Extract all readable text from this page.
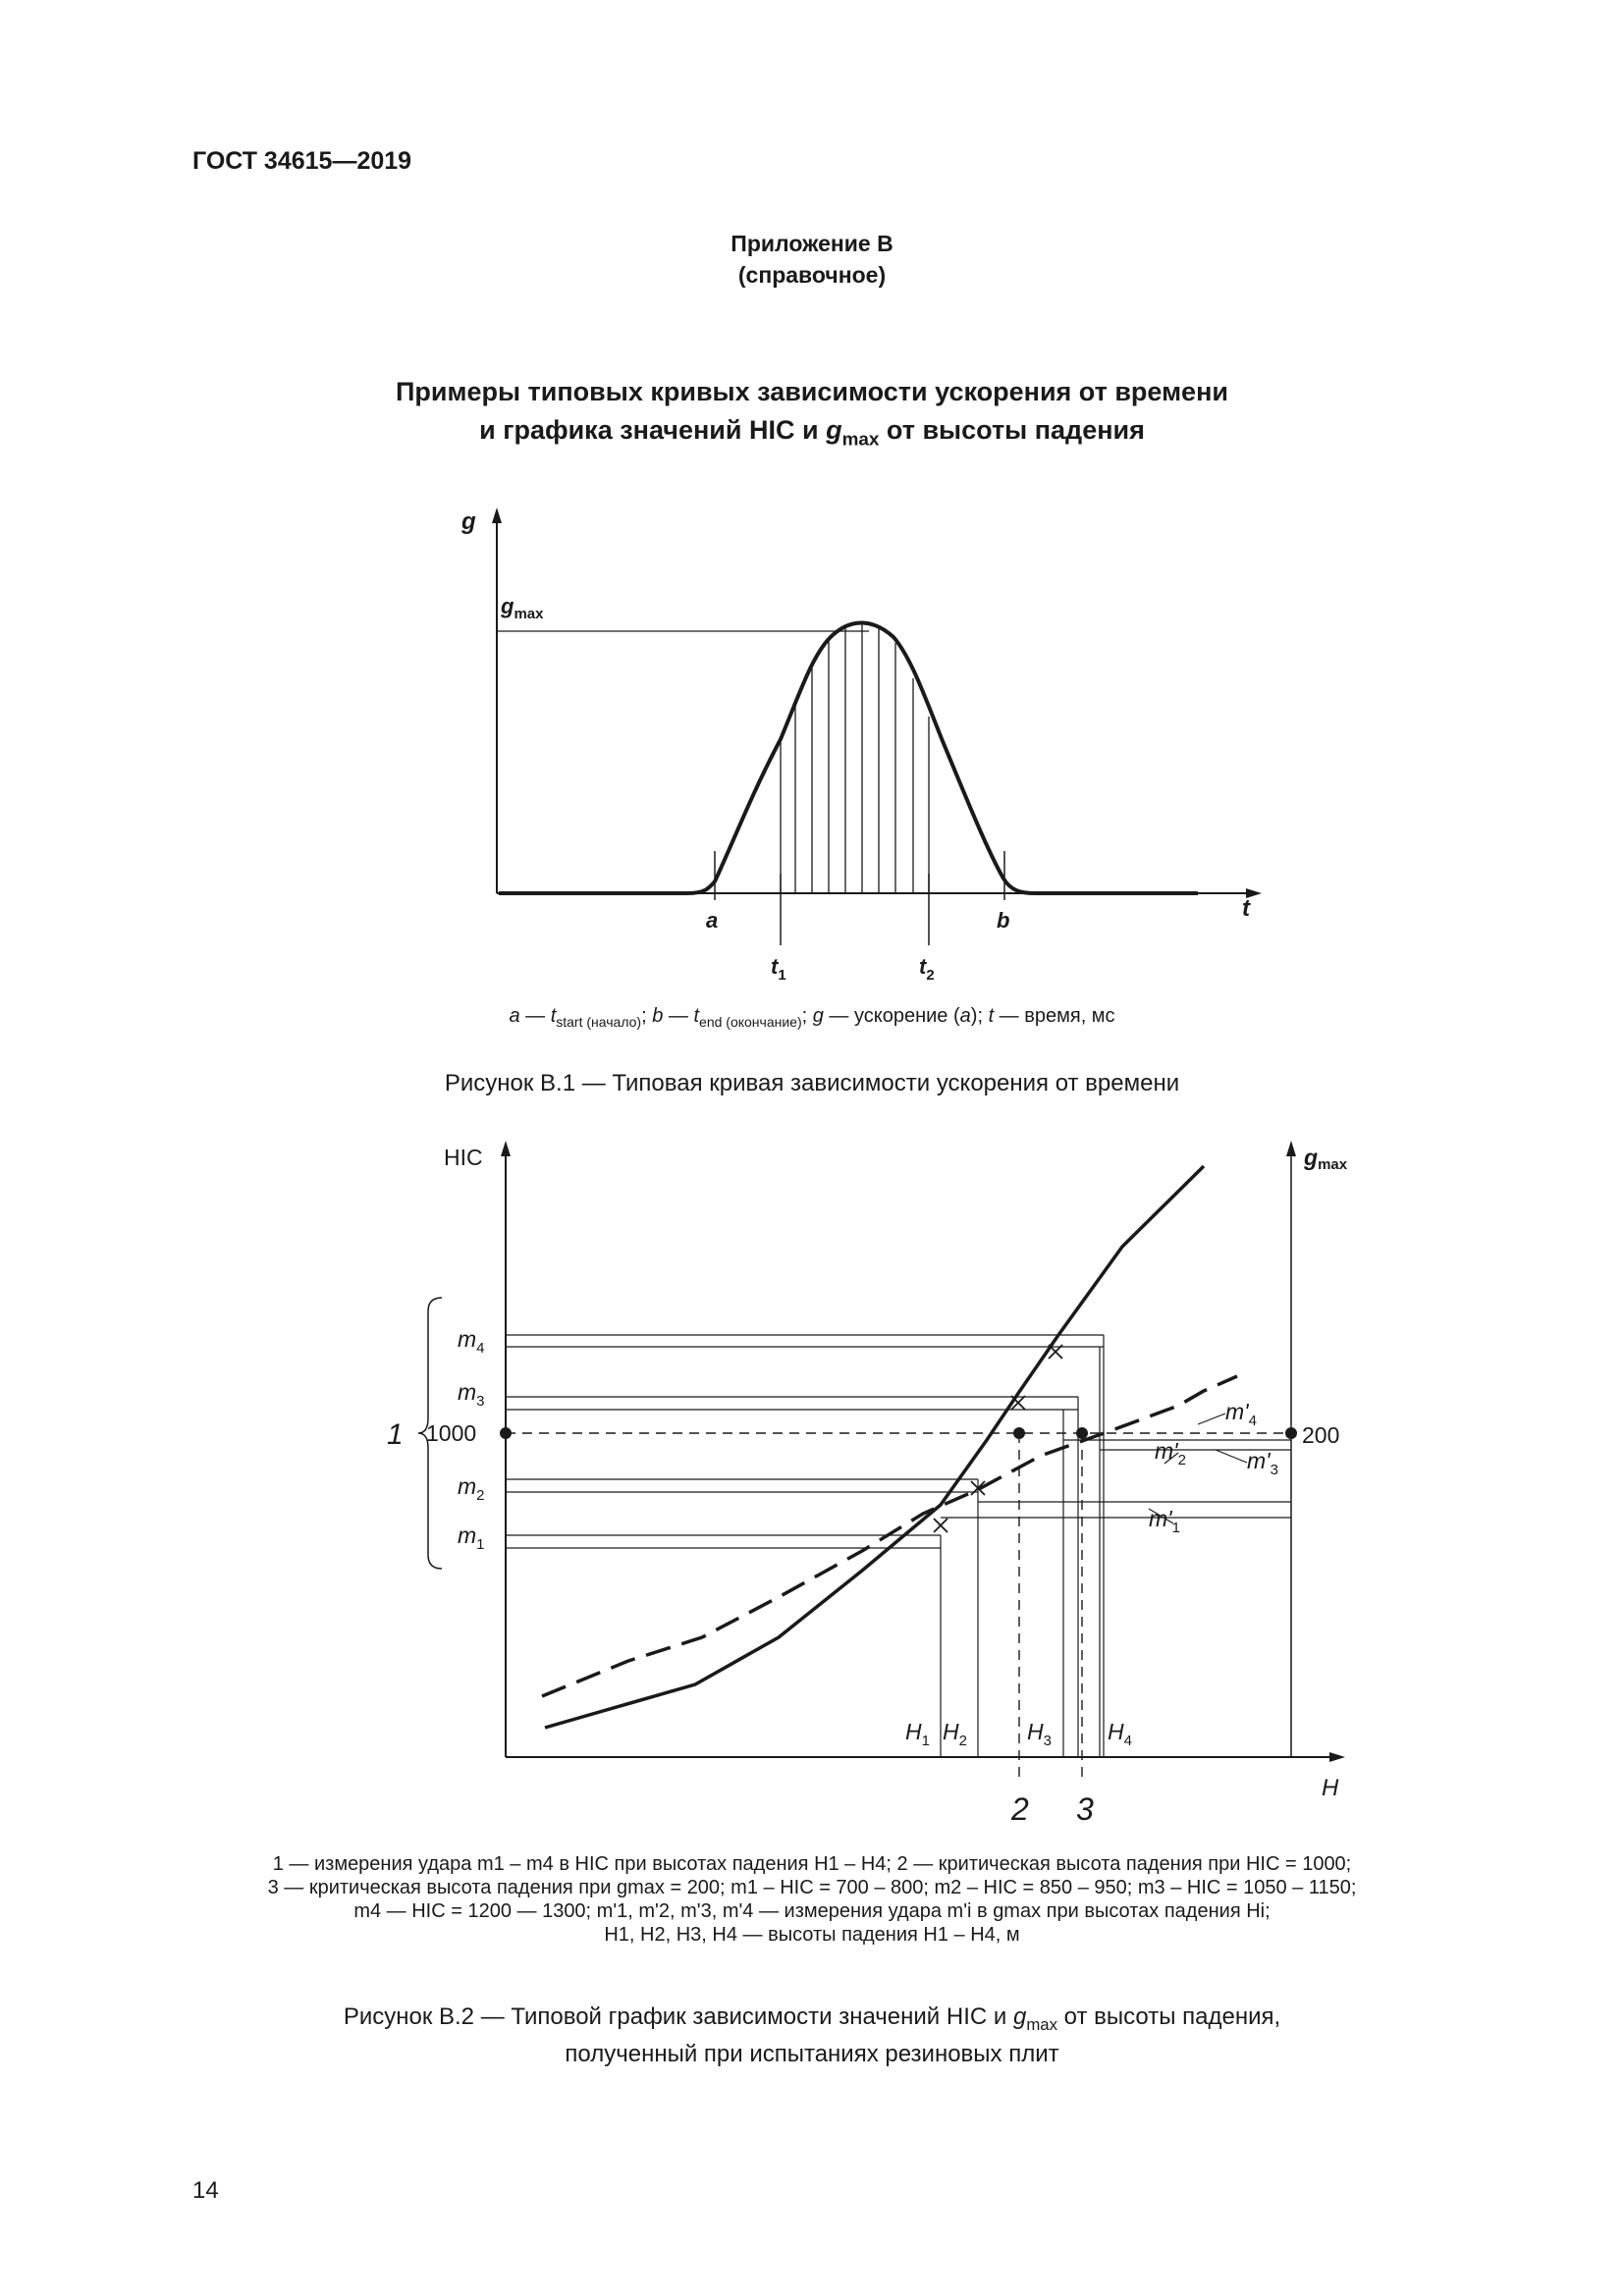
ГОСТ 34615—2019
Приложение В
(справочное)
Примеры типовых кривых зависимости ускорения от времени
и графика значений HIC и $g_{max}$ от высоты падения
g
t
$g_{max}$
a	b
$t_1$	$t_2$
a — $t_{start (начало)}$; b — $t_{end (окончание)}$; g — ускорение (a); t — время, мс
Рисунок В.1 — Типовая кривая зависимости ускорения от времени
HIC	gmax
H
1000	200
1
$m_4$
$m_3$
$m_2$
$m_1$
$m'_4$
$m'_3$
$m'_2$
$m'_1$
$H_1$ $H_2$	$H_3$ $H_4$
2 3
1 — измерения удара m1 – m4 в HIC при высотах падения H1 – H4; 2 — критическая высота падения при HIC = 1000;
3 — критическая высота падения при gmax = 200; m1 – HIC = 700 – 800; m2 – HIC = 850 – 950; m3 – HIC = 1050 – 1150;
m4 — HIC = 1200 — 1300; m'1, m'2, m'3, m'4 — измерения удара m'i в gmax при высотах падения Hi;
H1, H2, H3, H4 — высоты падения H1 – H4, м
Рисунок В.2 — Типовой график зависимости значений HIC и $g_{max}$ от высоты падения,
полученный при испытаниях резиновых плит
14
